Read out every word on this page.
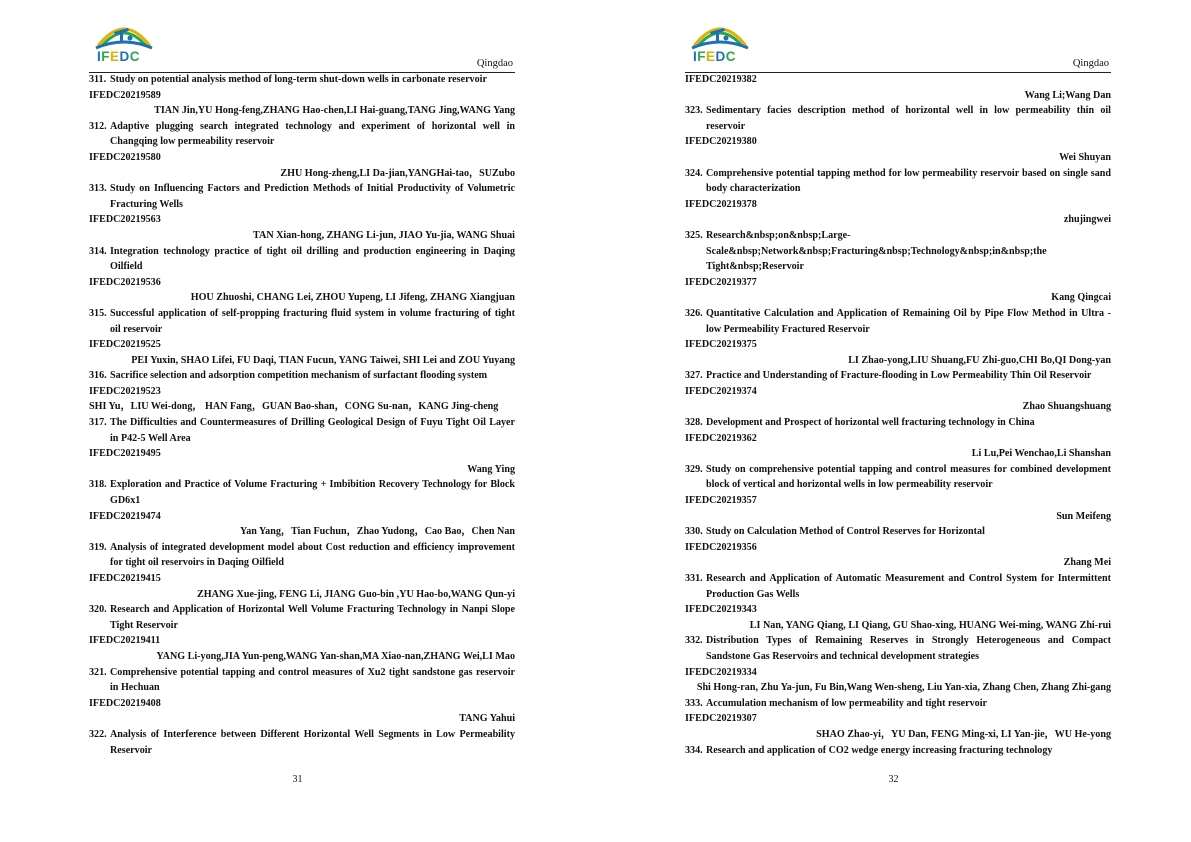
IFEDC	Qingdao
311. Study on potential analysis method of long-term shut-down wells in carbonate reservoir
IFEDC20219589
TIAN Jin,YU Hong-feng,ZHANG Hao-chen,LI Hai-guang,TANG Jing,WANG Yang
312. Adaptive plugging search integrated technology and experiment of horizontal well in Changqing low permeability reservoir
IFEDC20219580
ZHU Hong-zheng,LI Da-jian,YANGHai-tao，SUZubo
313. Study on Influencing Factors and Prediction Methods of Initial Productivity of Volumetric Fracturing Wells
IFEDC20219563
TAN Xian-hong, ZHANG Li-jun, JIAO Yu-jia, WANG Shuai
314. Integration technology practice of tight oil drilling and production engineering in Daqing Oilfield
IFEDC20219536
HOU Zhuoshi, CHANG Lei, ZHOU Yupeng, LI Jifeng, ZHANG Xiangjuan
315. Successful application of self-propping fracturing fluid system in volume fracturing of tight oil reservoir
IFEDC20219525
PEI Yuxin, SHAO Lifei, FU Daqi, TIAN Fucun, YANG Taiwei, SHI Lei and ZOU Yuyang
316. Sacrifice selection and adsorption competition mechanism of surfactant flooding system
IFEDC20219523
SHI Yu，LIU Wei-dong， HAN Fang，GUAN Bao-shan，CONG Su-nan，KANG Jing-cheng
317. The Difficulties and Countermeasures of Drilling Geological Design of Fuyu Tight Oil Layer in P42-5 Well Area
IFEDC20219495
Wang Ying
318. Exploration and Practice of Volume Fracturing + Imbibition Recovery Technology for Block GD6x1
IFEDC20219474
Yan Yang，Tian Fuchun，Zhao Yudong，Cao Bao，Chen Nan
319. Analysis of integrated development model about Cost reduction and efficiency improvement for tight oil reservoirs in Daqing Oilfield
IFEDC20219415
ZHANG Xue-jing, FENG Li, JIANG Guo-bin ,YU Hao-bo,WANG Qun-yi
320. Research and Application of Horizontal Well Volume Fracturing Technology in Nanpi Slope Tight Reservoir
IFEDC20219411
YANG Li-yong,JIA Yun-peng,WANG Yan-shan,MA Xiao-nan,ZHANG Wei,LI Mao
321. Comprehensive potential tapping and control measures of Xu2 tight sandstone gas reservoir in Hechuan
IFEDC20219408
TANG Yahui
322. Analysis of Interference between Different Horizontal Well Segments in Low Permeability Reservoir
31
IFEDC	Qingdao
IFEDC20219382
Wang Li;Wang Dan
323. Sedimentary facies description method of horizontal well in low permeability thin oil reservoir
IFEDC20219380
Wei Shuyan
324. Comprehensive potential tapping method for low permeability reservoir based on single sand body characterization
IFEDC20219378
zhujingwei
325. Research&nbsp;on&nbsp;Large-Scale&nbsp;Network&nbsp;Fracturing&nbsp;Technology&nbsp;in&nbsp;the Tight&nbsp;Reservoir
IFEDC20219377
Kang Qingcai
326. Quantitative Calculation and Application of Remaining Oil by Pipe Flow Method in Ultra - low Permeability Fractured Reservoir
IFEDC20219375
LI Zhao-yong,LIU Shuang,FU Zhi-guo,CHI Bo,QI Dong-yan
327. Practice and Understanding of Fracture-flooding in Low Permeability Thin Oil Reservoir
IFEDC20219374
Zhao Shuangshuang
328. Development and Prospect of horizontal well fracturing technology in China
IFEDC20219362
Li Lu,Pei Wenchao,Li Shanshan
329. Study on comprehensive potential tapping and control measures for combined development block of vertical and horizontal wells in low permeability reservoir
IFEDC20219357
Sun Meifeng
330. Study on Calculation Method of Control Reserves for Horizontal
IFEDC20219356
Zhang Mei
331. Research and Application of Automatic Measurement and Control System for Intermittent Production Gas Wells
IFEDC20219343
LI Nan, YANG Qiang, LI Qiang, GU Shao-xing, HUANG Wei-ming, WANG Zhi-rui
332. Distribution Types of Remaining Reserves in Strongly Heterogeneous and Compact Sandstone Gas Reservoirs and technical development strategies
IFEDC20219334
Shi Hong-ran, Zhu Ya-jun, Fu Bin,Wang Wen-sheng, Liu Yan-xia, Zhang Chen, Zhang Zhi-gang
333. Accumulation mechanism of low permeability and tight reservoir
IFEDC20219307
SHAO Zhao-yi，YU Dan, FENG Ming-xi, LI Yan-jie，WU He-yong
334. Research and application of CO2 wedge energy increasing fracturing technology
32
